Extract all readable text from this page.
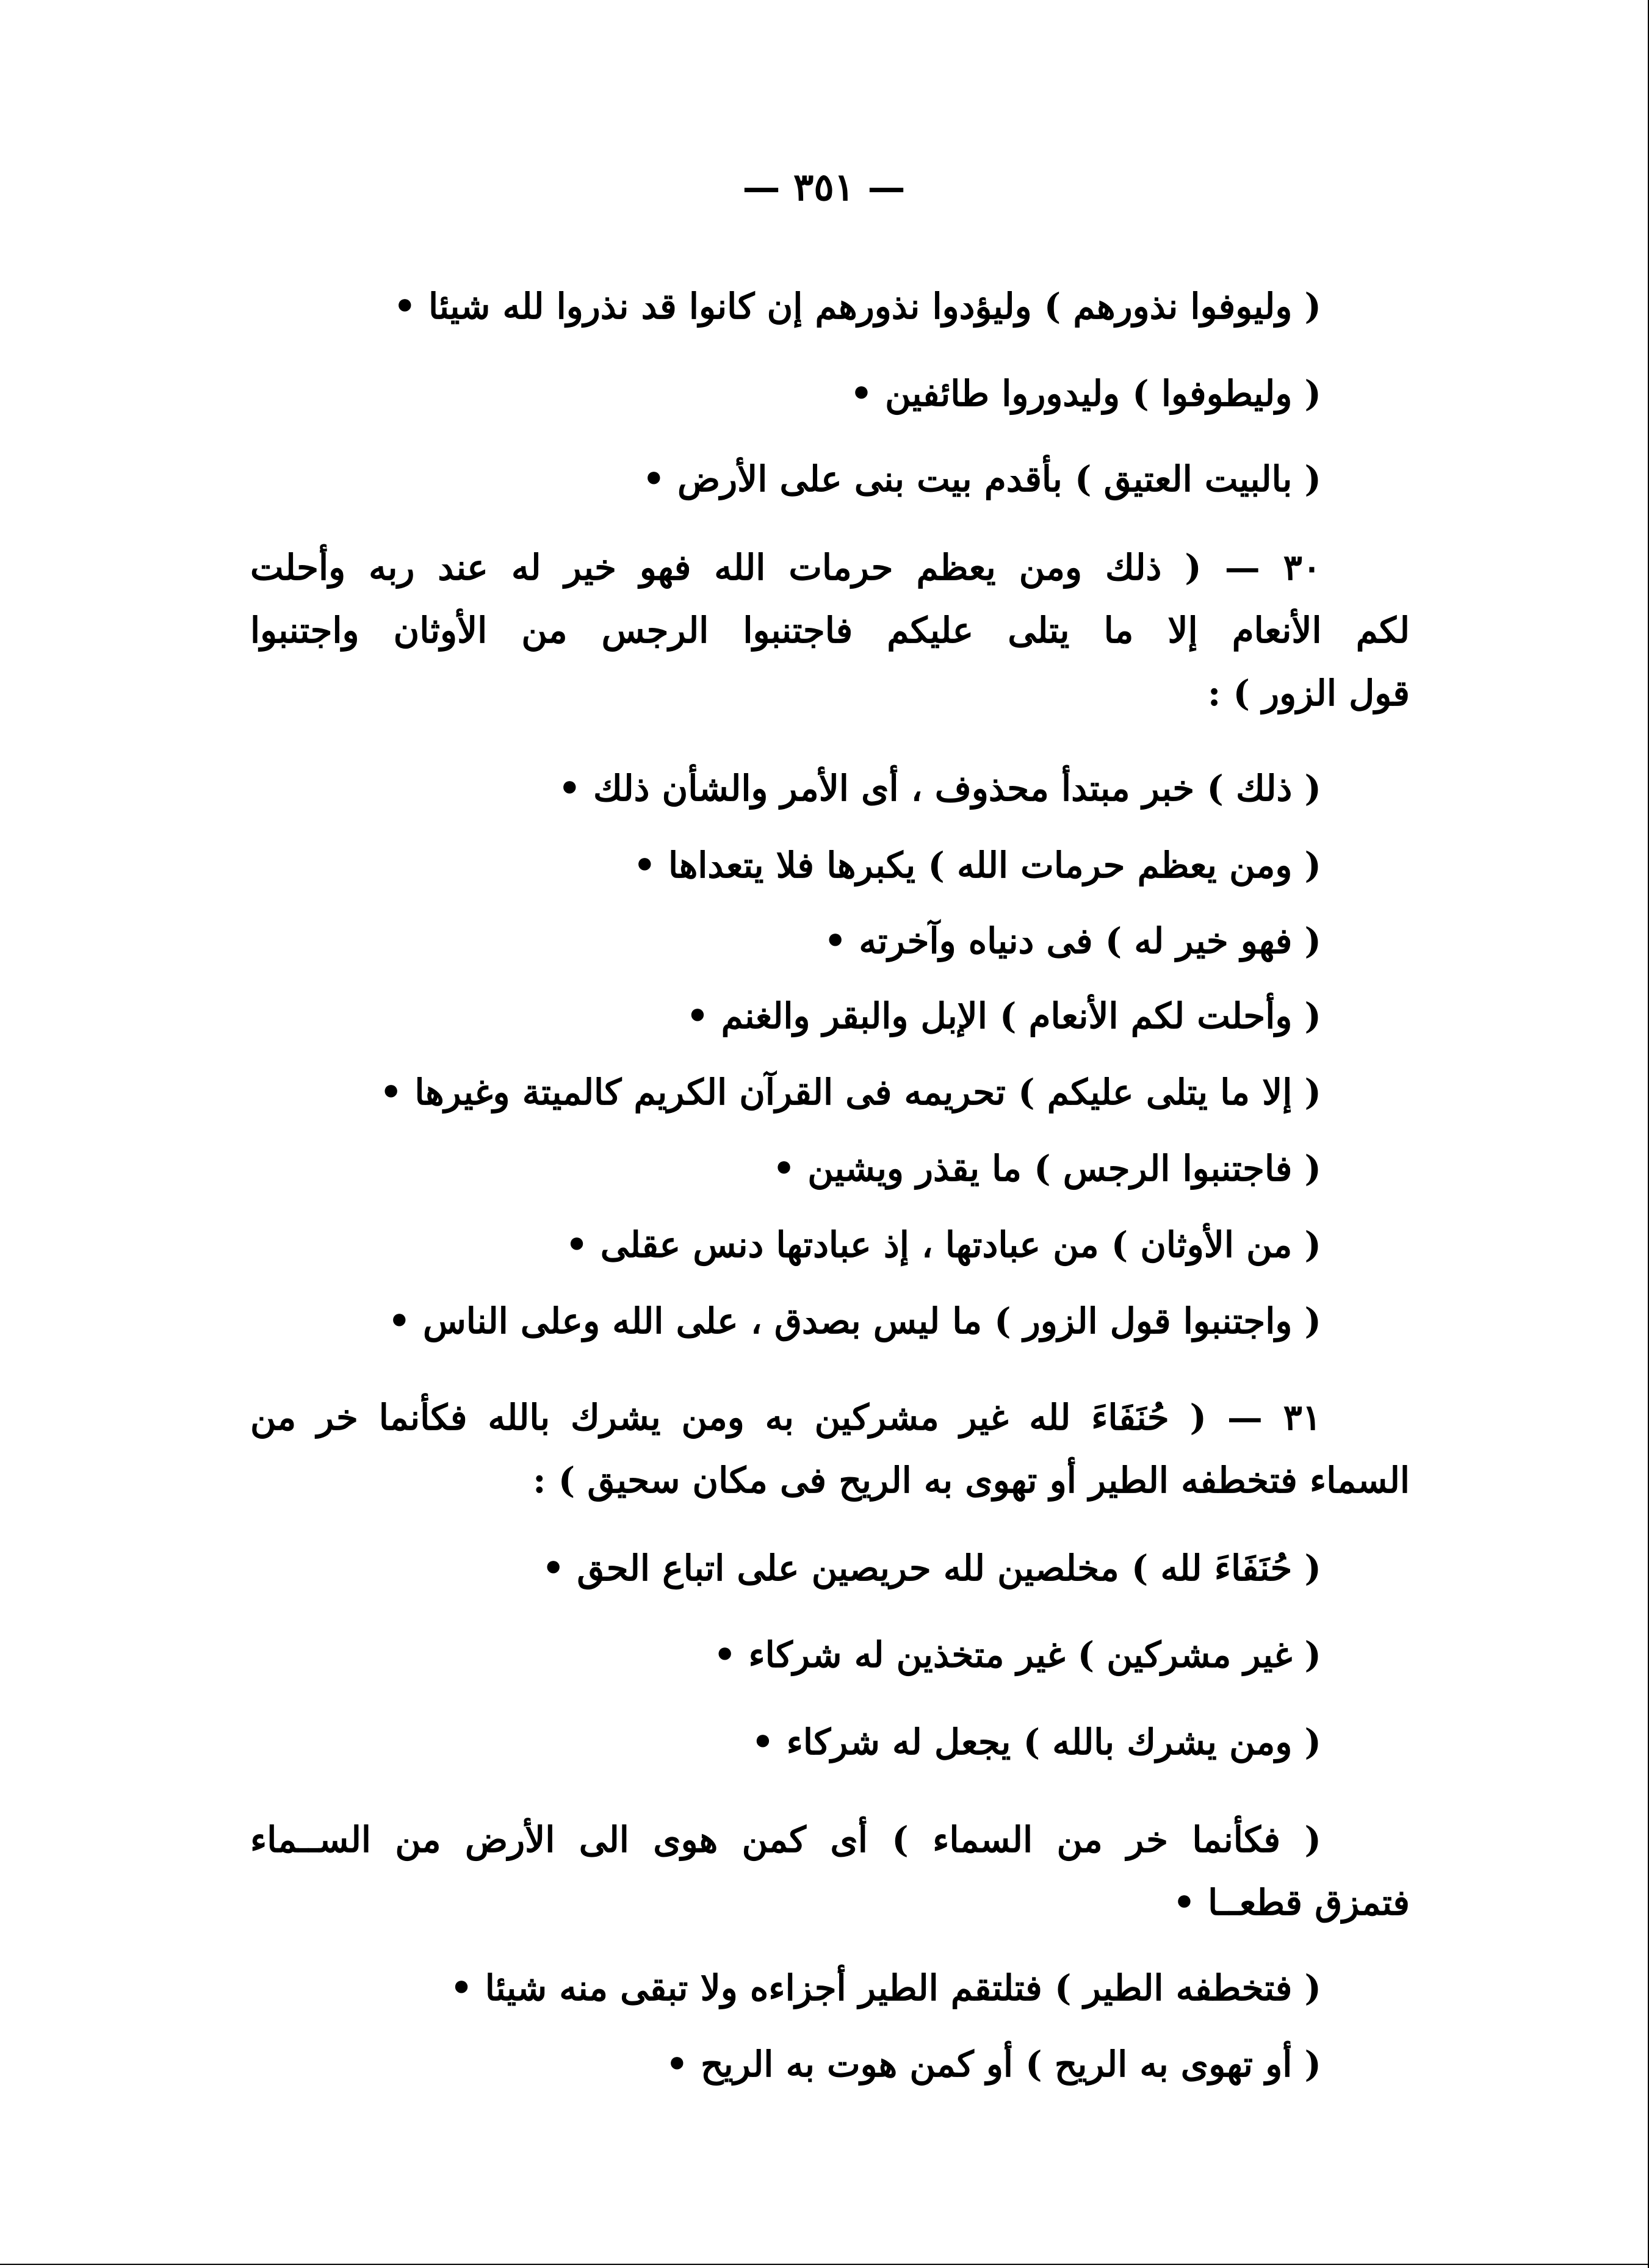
— ٣٥١ —
( وليوفوا نذورهم ) وليؤدوا نذورهم إن كانوا قد نذروا لله شيئا •
( وليطوفوا ) وليدوروا طائفين •
( بالبيت العتيق ) بأقدم بيت بنى على الأرض •
٣٠ — ( ذلك ومن يعظم حرمات الله فهو خير له عند ربه وأحلت
لكم الأنعام إلا ما يتلى عليكم فاجتنبوا الرجس من الأوثان واجتنبوا
قول الزور ) :
( ذلك ) خبر مبتدأ محذوف ، أى الأمر والشأن ذلك •
( ومن يعظم حرمات الله ) يكبرها فلا يتعداها •
( فهو خير له ) فى دنياه وآخرته •
( وأحلت لكم الأنعام ) الإبل والبقر والغنم •
( إلا ما يتلى عليكم ) تحريمه فى القرآن الكريم كالميتة وغيرها •
( فاجتنبوا الرجس ) ما يقذر ويشين •
( من الأوثان ) من عبادتها ، إذ عبادتها دنس عقلى •
( واجتنبوا قول الزور ) ما ليس بصدق ، على الله وعلى الناس •
٣١ — ( حُنَفَاءَ لله غير مشركين به ومن يشرك بالله فكأنما خر من
السماء فتخطفه الطير أو تهوى به الريح فى مكان سحيق ) :
( حُنَفَاءَ لله ) مخلصين لله حريصين على اتباع الحق •
( غير مشركين ) غير متخذين له شركاء •
( ومن يشرك بالله ) يجعل له شركاء •
( فكأنما خر من السماء ) أى كمن هوى الى الأرض من الســماء
فتمزق قطعــا •
( فتخطفه الطير ) فتلتقم الطير أجزاءه ولا تبقى منه شيئا •
( أو تهوى به الريح ) أو كمن هوت به الريح •
